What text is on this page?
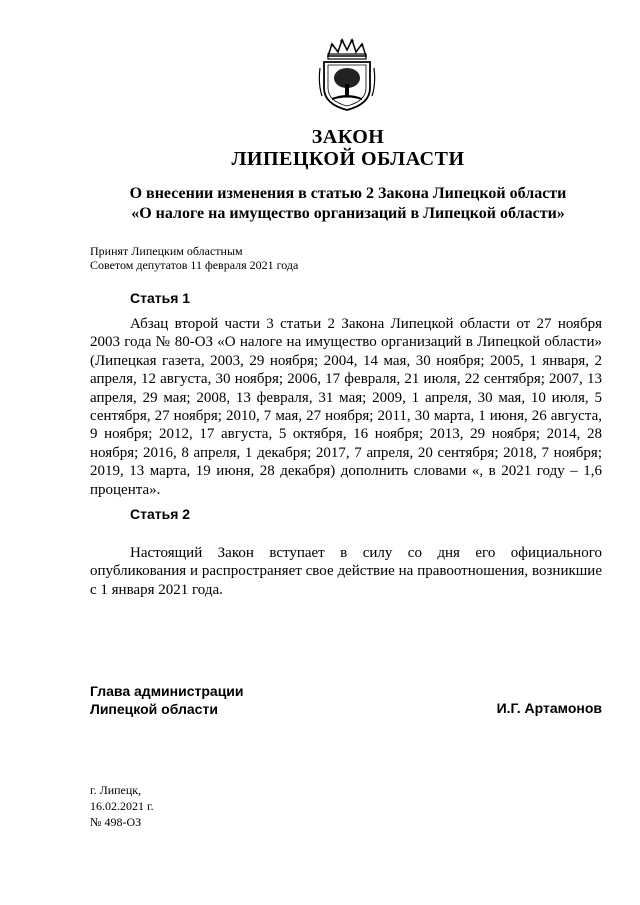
ЗАКОН
ЛИПЕЦКОЙ ОБЛАСТИ
О внесении изменения в статью 2 Закона Липецкой области
«О налоге на имущество организаций в Липецкой области»
Принят Липецким областным
Советом депутатов 11 февраля 2021 года
Статья 1
Абзац второй части 3 статьи 2 Закона Липецкой области от 27 ноября 2003 года № 80-ОЗ «О налоге на имущество организаций в Липецкой области» (Липецкая газета, 2003, 29 ноября; 2004, 14 мая, 30 ноября; 2005, 1 января, 2 апреля, 12 августа, 30 ноября; 2006, 17 февраля, 21 июля, 22 сентября; 2007, 13 апреля, 29 мая; 2008, 13 февраля, 31 мая; 2009, 1 апреля, 30 мая, 10 июля, 5 сентября, 27 ноября; 2010, 7 мая, 27 ноября; 2011, 30 марта, 1 июня, 26 августа, 9 ноября; 2012, 17 августа, 5 октября, 16 ноября; 2013, 29 ноября; 2014, 28 ноября; 2016, 8 апреля, 1 декабря; 2017, 7 апреля, 20 сентября; 2018, 7 ноября; 2019, 13 марта, 19 июня, 28 декабря) дополнить словами «, в 2021 году – 1,6 процента».
Статья 2
Настоящий Закон вступает в силу со дня его официального опубликования и распространяет свое действие на правоотношения, возникшие с 1 января 2021 года.
Глава администрации
Липецкой области	И.Г. Артамонов
г. Липецк,
16.02.2021 г.
№ 498-ОЗ
